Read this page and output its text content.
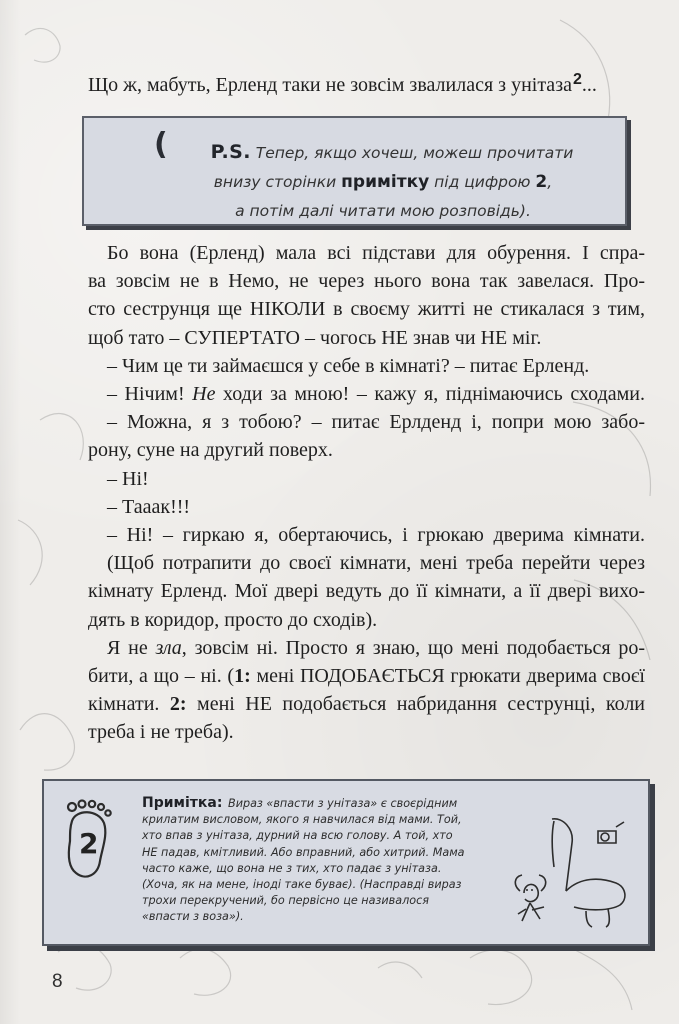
Що ж, мабуть, Ерленд таки не зовсім звалилася з унітаза$^2$...
(	P.S. Тепер, якщо хочеш, можеш прочитати
внизу сторінки примітку під цифрою 2,
а потім далі читати мою розповідь).
Бо вона (Ерленд) мала всі підстави для обурення. І спра-
ва зовсім не в Немо, не через нього вона так завелася. Про-
сто сеструнця ще НІКОЛИ в своєму житті не стикалася з тим,
щоб тато – СУПЕРТАТО – чогось НЕ знав чи НЕ міг.
– Чим це ти займаєшся у себе в кімнаті? – питає Ерленд.
– Нічим! Не ходи за мною! – кажу я, піднімаючись сходами.
– Можна, я з тобою? – питає Ерлденд і, попри мою забо-
рону, суне на другий поверх.
– Ні!
– Тааак!!!
– Ні! – гиркаю я, обертаючись, і грюкаю дверима кімнати.
(Щоб потрапити до своєї кімнати, мені треба перейти через
кімнату Ерленд. Мої двері ведуть до її кімнати, а її двері вихо-
дять в коридор, просто до сходів).
Я не зла, зовсім ні. Просто я знаю, що мені подобається ро-
бити, а що – ні. (1: мені ПОДОБАЄТЬСЯ грюкати дверима своєї
кімнати. 2: мені НЕ подобається набридання сеструнці, коли
треба і не треба).
2
Примітка: Вираз «впасти з унітаза» є своєрідним
крилатим висловом, якого я навчилася від мами. Той,
хто впав з унітаза, дурний на всю голову. А той, хто
НЕ падав, кмітливий. Або вправний, або хитрий. Мама
часто каже, що вона не з тих, хто падає з унітаза.
(Хоча, як на мене, іноді таке буває). (Насправді вираз
трохи перекручений, бо первісно це називалося
«впасти з воза»).
8
